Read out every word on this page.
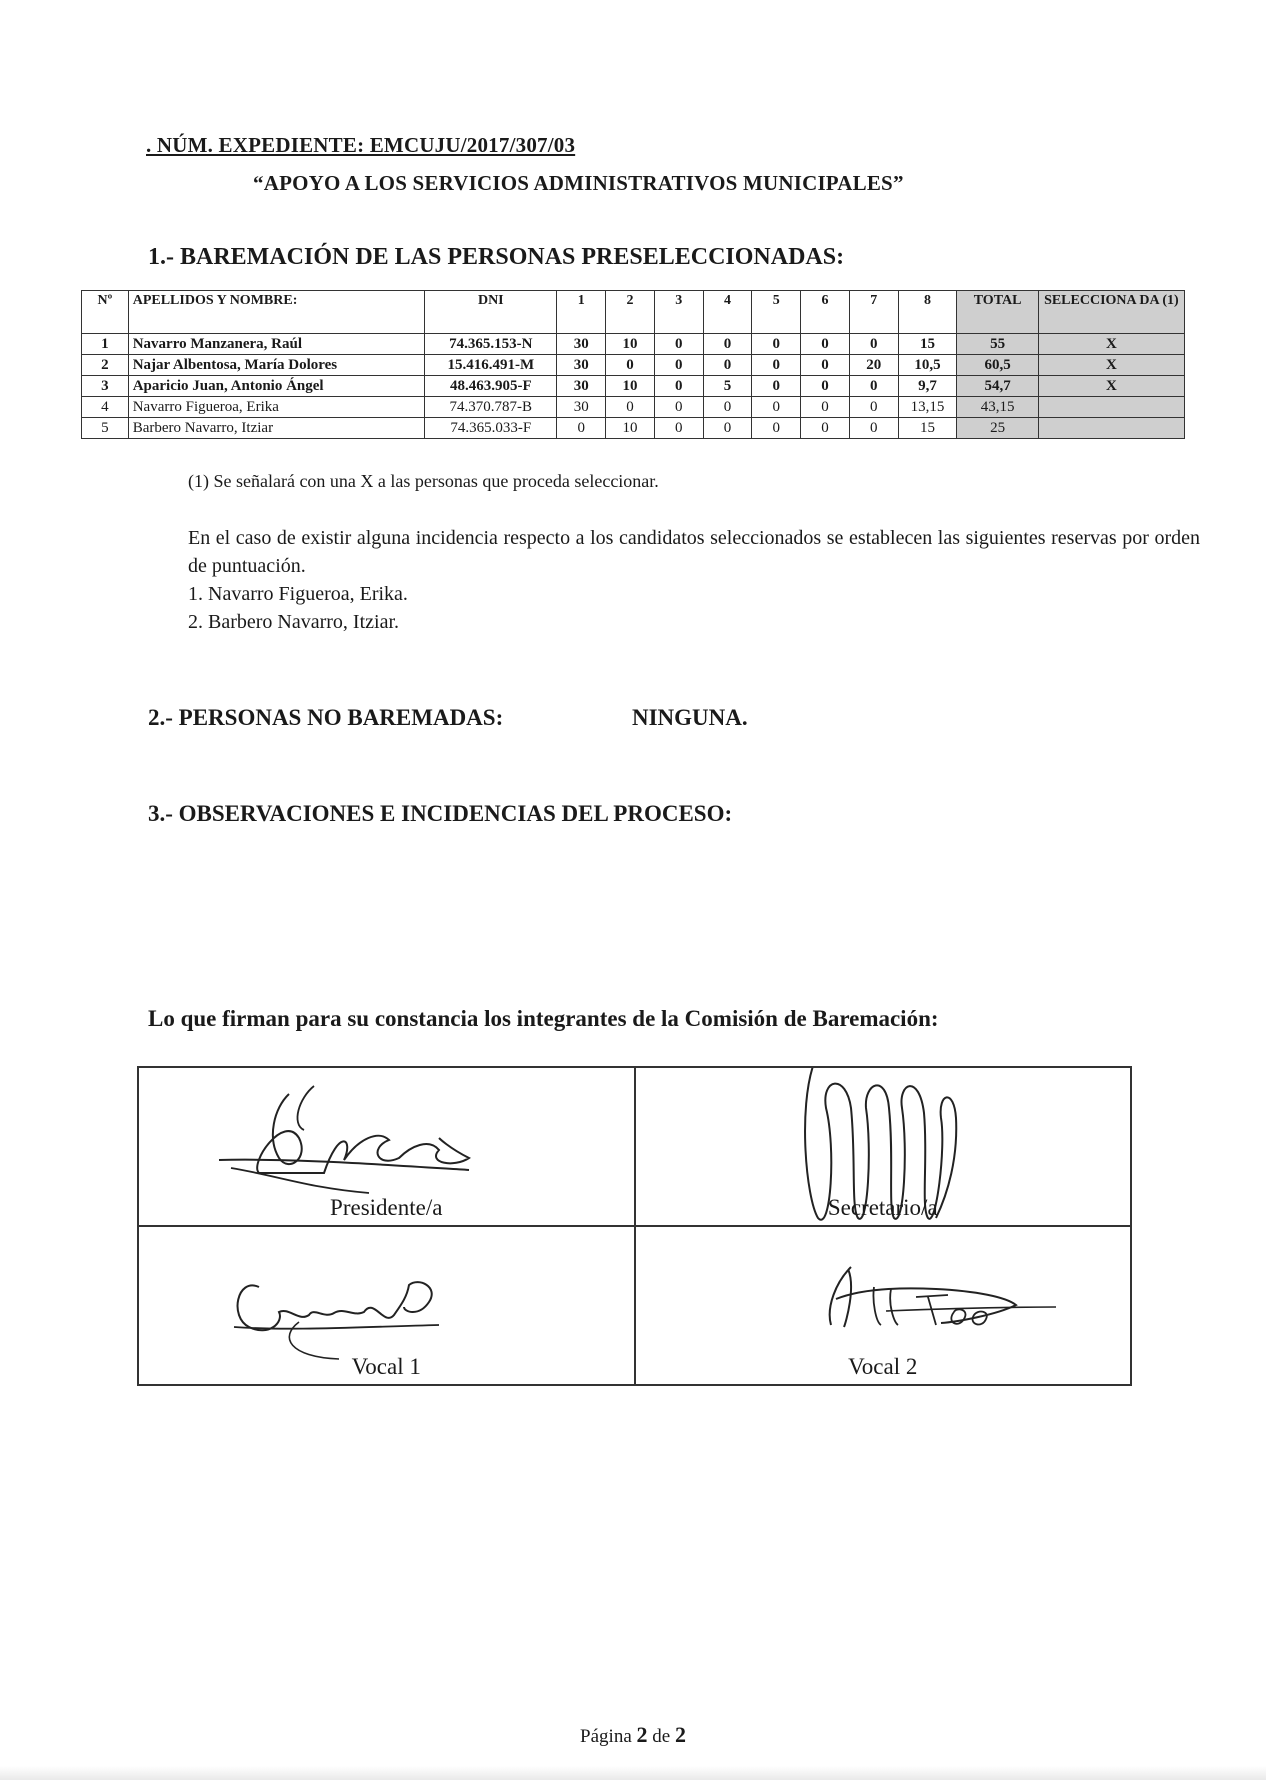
. NÚM. EXPEDIENTE: EMCUJU/2017/307/03
“APOYO A LOS SERVICIOS ADMINISTRATIVOS MUNICIPALES”
1.- BAREMACIÓN DE LAS PERSONAS PRESELECCIONADAS:
Nº	APELLIDOS Y NOMBRE:	DNI	1	2	3	4	5	6	7	8	TOTAL	SELECCIONA DA (1)
1	Navarro Manzanera, Raúl	74.365.153-N	30	10	0	0	0	0	0	15	55	X
2	Najar Albentosa, María Dolores	15.416.491-M	30	0	0	0	0	0	20	10,5	60,5	X
3	Aparicio Juan, Antonio Ángel	48.463.905-F	30	10	0	5	0	0	0	9,7	54,7	X
4	Navarro Figueroa, Erika	74.370.787-B	30	0	0	0	0	0	0	13,15	43,15	
5	Barbero Navarro, Itziar	74.365.033-F	0	10	0	0	0	0	0	15	25	
(1) Se señalará con una X a las personas que proceda seleccionar.
En el caso de existir alguna incidencia respecto a los candidatos seleccionados se establecen las siguientes reservas por orden de puntuación.
1. Navarro Figueroa, Erika.
2. Barbero Navarro, Itziar.
2.- PERSONAS NO BAREMADAS:	NINGUNA.
3.- OBSERVACIONES E INCIDENCIAS DEL PROCESO:
Lo que firman para su constancia los integrantes de la Comisión de Baremación:
Presidente/a	Secretario/a
Vocal 1	Vocal 2
Página 2 de 2
